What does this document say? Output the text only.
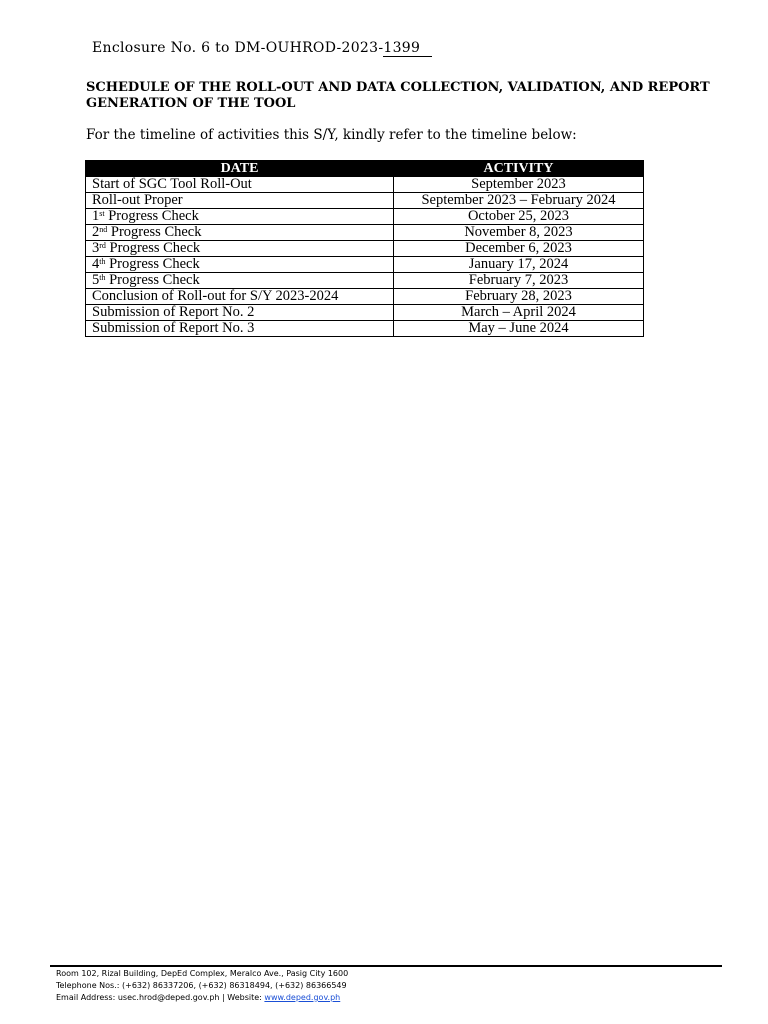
Enclosure No. 6 to DM-OUHROD-2023-1399
SCHEDULE OF THE ROLL-OUT AND DATA COLLECTION, VALIDATION, AND REPORT GENERATION OF THE TOOL
For the timeline of activities this S/Y, kindly refer to the timeline below:
DATE	ACTIVITY
Start of SGC Tool Roll-Out	September 2023
Roll-out Proper	September 2023 – February 2024
1st Progress Check	October 25, 2023
2nd Progress Check	November 8, 2023
3rd Progress Check	December 6, 2023
4th Progress Check	January 17, 2024
5th Progress Check	February 7, 2023
Conclusion of Roll-out for S/Y 2023-2024	February 28, 2023
Submission of Report No. 2	March – April 2024
Submission of Report No. 3	May – June 2024
Room 102, Rizal Building, DepEd Complex, Meralco Ave., Pasig City 1600
Telephone Nos.: (+632) 86337206, (+632) 86318494, (+632) 86366549
Email Address: usec.hrod@deped.gov.ph | Website: www.deped.gov.ph
